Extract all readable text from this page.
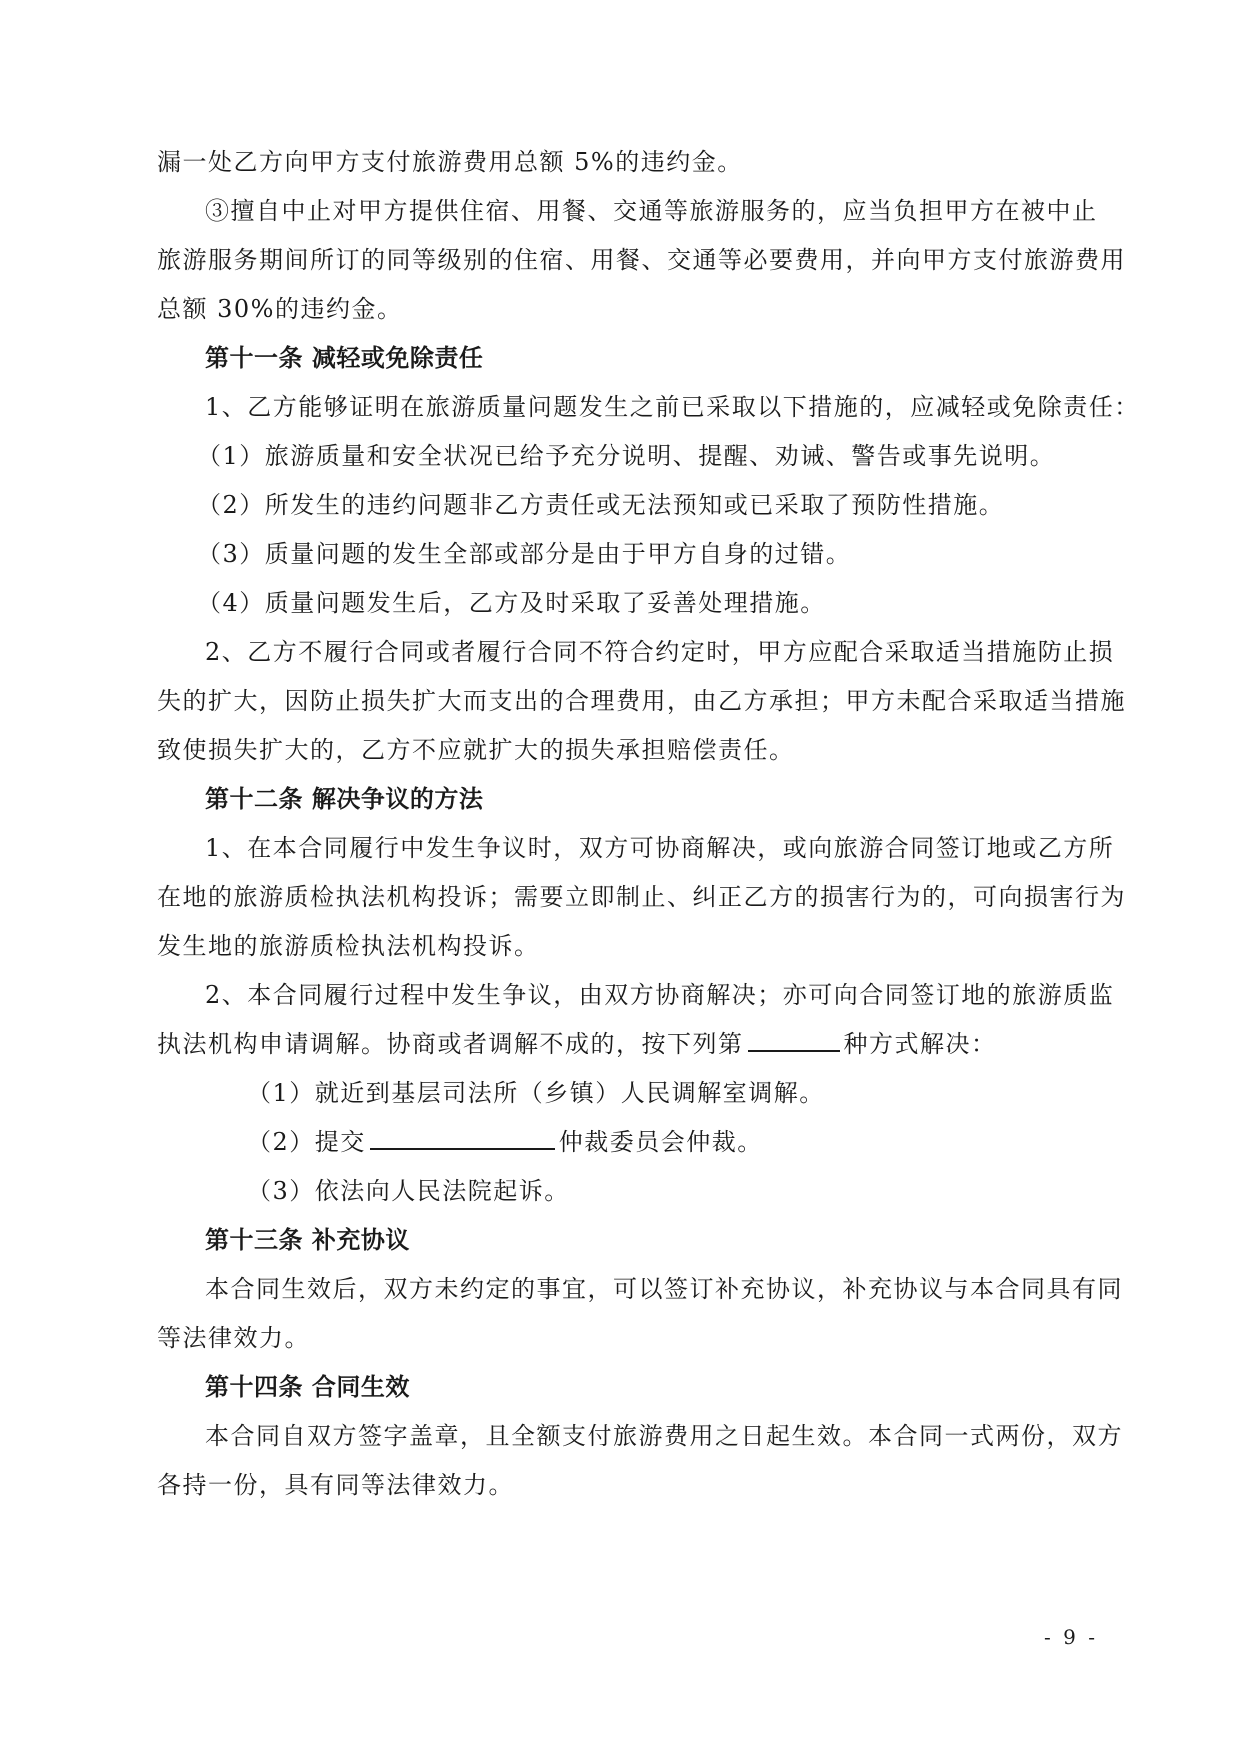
漏一处乙方向甲方支付旅游费用总额 5%的违约金。
③擅自中止对甲方提供住宿、用餐、交通等旅游服务的，应当负担甲方在被中止
旅游服务期间所订的同等级别的住宿、用餐、交通等必要费用，并向甲方支付旅游费用
总额 30%的违约金。
第十一条 减轻或免除责任
1、乙方能够证明在旅游质量问题发生之前已采取以下措施的，应减轻或免除责任：
（1）旅游质量和安全状况已给予充分说明、提醒、劝诫、警告或事先说明。
（2）所发生的违约问题非乙方责任或无法预知或已采取了预防性措施。
（3）质量问题的发生全部或部分是由于甲方自身的过错。
（4）质量问题发生后，乙方及时采取了妥善处理措施。
2、乙方不履行合同或者履行合同不符合约定时，甲方应配合采取适当措施防止损
失的扩大，因防止损失扩大而支出的合理费用，由乙方承担；甲方未配合采取适当措施
致使损失扩大的，乙方不应就扩大的损失承担赔偿责任。
第十二条 解决争议的方法
1、在本合同履行中发生争议时，双方可协商解决，或向旅游合同签订地或乙方所
在地的旅游质检执法机构投诉；需要立即制止、纠正乙方的损害行为的，可向损害行为
发生地的旅游质检执法机构投诉。
2、本合同履行过程中发生争议，由双方协商解决；亦可向合同签订地的旅游质监
执法机构申请调解。协商或者调解不成的，按下列第	种方式解决：
（1）就近到基层司法所（乡镇）人民调解室调解。
（2）提交	仲裁委员会仲裁。
（3）依法向人民法院起诉。
第十三条 补充协议
本合同生效后，双方未约定的事宜，可以签订补充协议，补充协议与本合同具有同
等法律效力。
第十四条 合同生效
本合同自双方签字盖章，且全额支付旅游费用之日起生效。本合同一式两份，双方
各持一份，具有同等法律效力。
- 9 -
